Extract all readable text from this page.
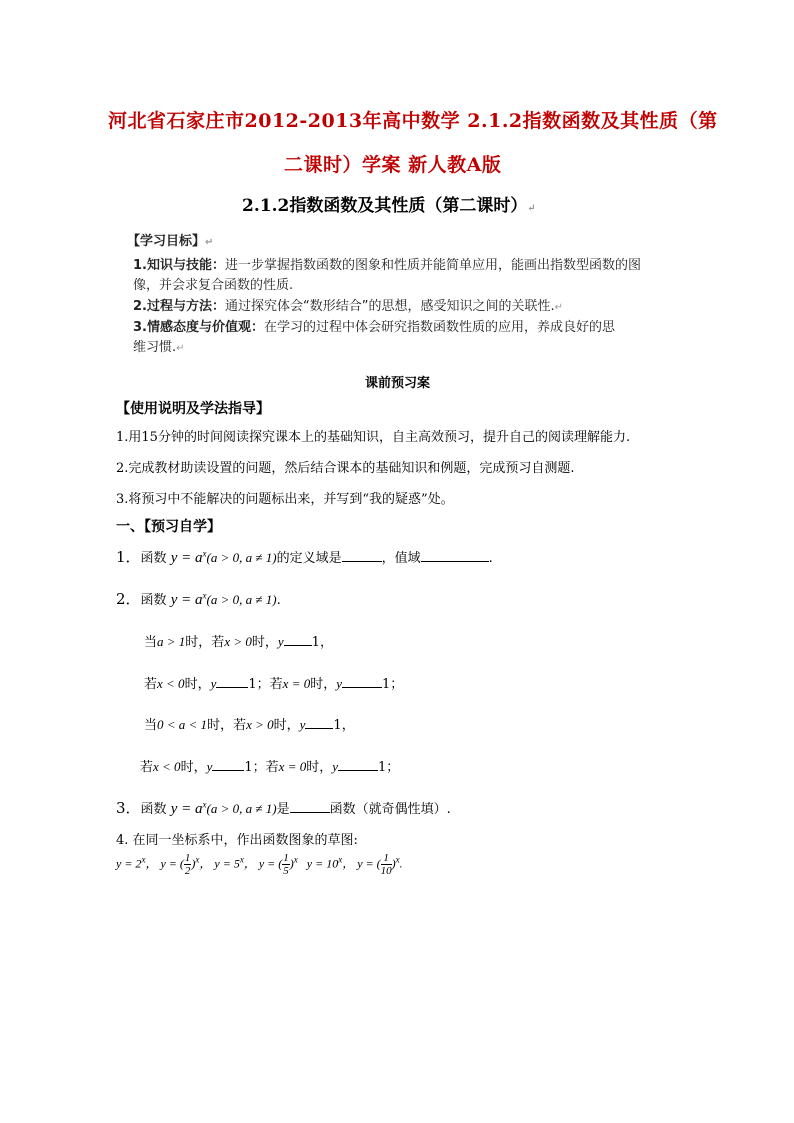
河北省石家庄市2012-2013年高中数学 2.1.2指数函数及其性质（第
二课时）学案 新人教A版
2.1.2指数函数及其性质（第二课时）↵
【学习目标】↵
1.知识与技能：进一步掌握指数函数的图象和性质并能简单应用，能画出指数型函数的图
像，并会求复合函数的性质.
2.过程与方法：通过探究体会“数形结合”的思想，感受知识之间的关联性.↵
3.情感态度与价值观：在学习的过程中体会研究指数函数性质的应用，养成良好的思
维习惯.↵
课前预习案
【使用说明及学法指导】
1.用15分钟的时间阅读探究课本上的基础知识，自主高效预习，提升自己的阅读理解能力.
2.完成教材助读设置的问题，然后结合课本的基础知识和例题，完成预习自测题.
3.将预习中不能解决的问题标出来，并写到“我的疑惑”处。
一、【预习自学】
1．函数 $y = a^x(a > 0$, a ≠ 1)的定义域是	，值域	.
2．函数 $y = a^x(a > 0$, a ≠ 1).
当a > 1时，若x > 0时，y 1，
若x < 0时，y 1；若x = 0时，y	1；
当0 < a < 1时，若x > 0时，y 1，
若x < 0时，y 1；若x = 0时，y	1；
3．函数 $y = a^x(a > 0$, a ≠ 1)是	函数（就奇偶性填）.
4. 在同一坐标系中，作出函数图象的草图:
$y = 2^x$， y = ( $\frac{1}{2} )^x$， $y = 5^x$， y = ( $\frac{1}{5} )^x$ $y = 10^x$， y = ( $\frac{1}{10} )^x$.
